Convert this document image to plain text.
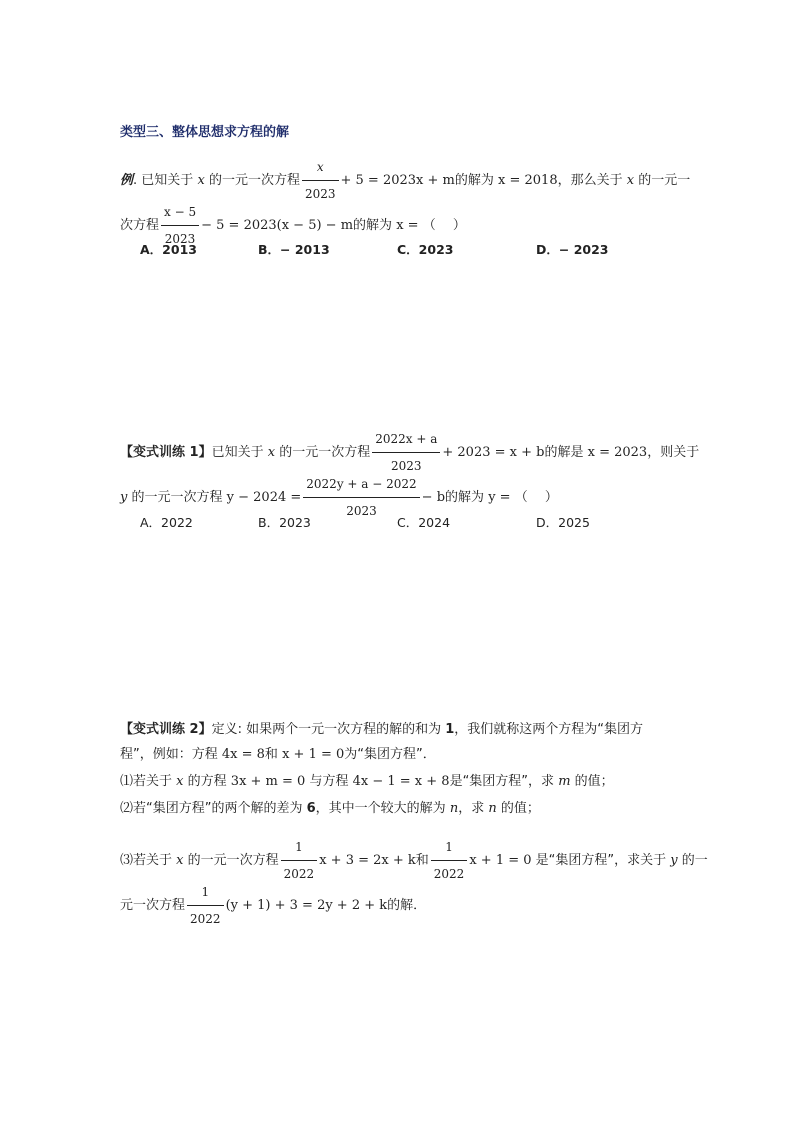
类型三、整体思想求方程的解
例. 已知关于 x 的一元一次方程 $\frac{x}{2023} + 5 = 2023x + m$的解为 x = 2018，那么关于 x 的一元一
次方程 $\frac{x - 5}{2023} - 5 = 2023(x - 5) - m$的解为 x = （　 ）
A．2013	B．− 2013	C．2023	D．− 2023
【变式训练 1】已知关于 x 的一元一次方程 $\frac{2022x + a}{2023} + 2023 = x + b$的解是 x = 2023，则关于
y 的一元一次方程 $y - 2024 = \frac{2022y + a - 2022}{2023} - b$的解为 y = （　 ）
A．2022	B．2023	C．2024	D．2025
【变式训练 2】定义: 如果两个一元一次方程的解的和为 1，我们就称这两个方程为“集团方
程”，例如：方程 4x = 8和 x + 1 = 0为“集团方程”．
⑴若关于 x 的方程 3x + m = 0 与方程 4x − 1 = x + 8是“集团方程”，求 m 的值；
⑵若“集团方程”的两个解的差为 6，其中一个较大的解为 n，求 n 的值；
⑶若关于 x 的一元一次方程 $\frac{1}{2022}$ x + 3 = 2x + k和 $\frac{1}{2022}$ x + 1 = 0 是“集团方程”，求关于 y 的一
元一次方程 $\frac{1}{2022} (y + 1) + 3 = 2y + 2 + k$的解．
